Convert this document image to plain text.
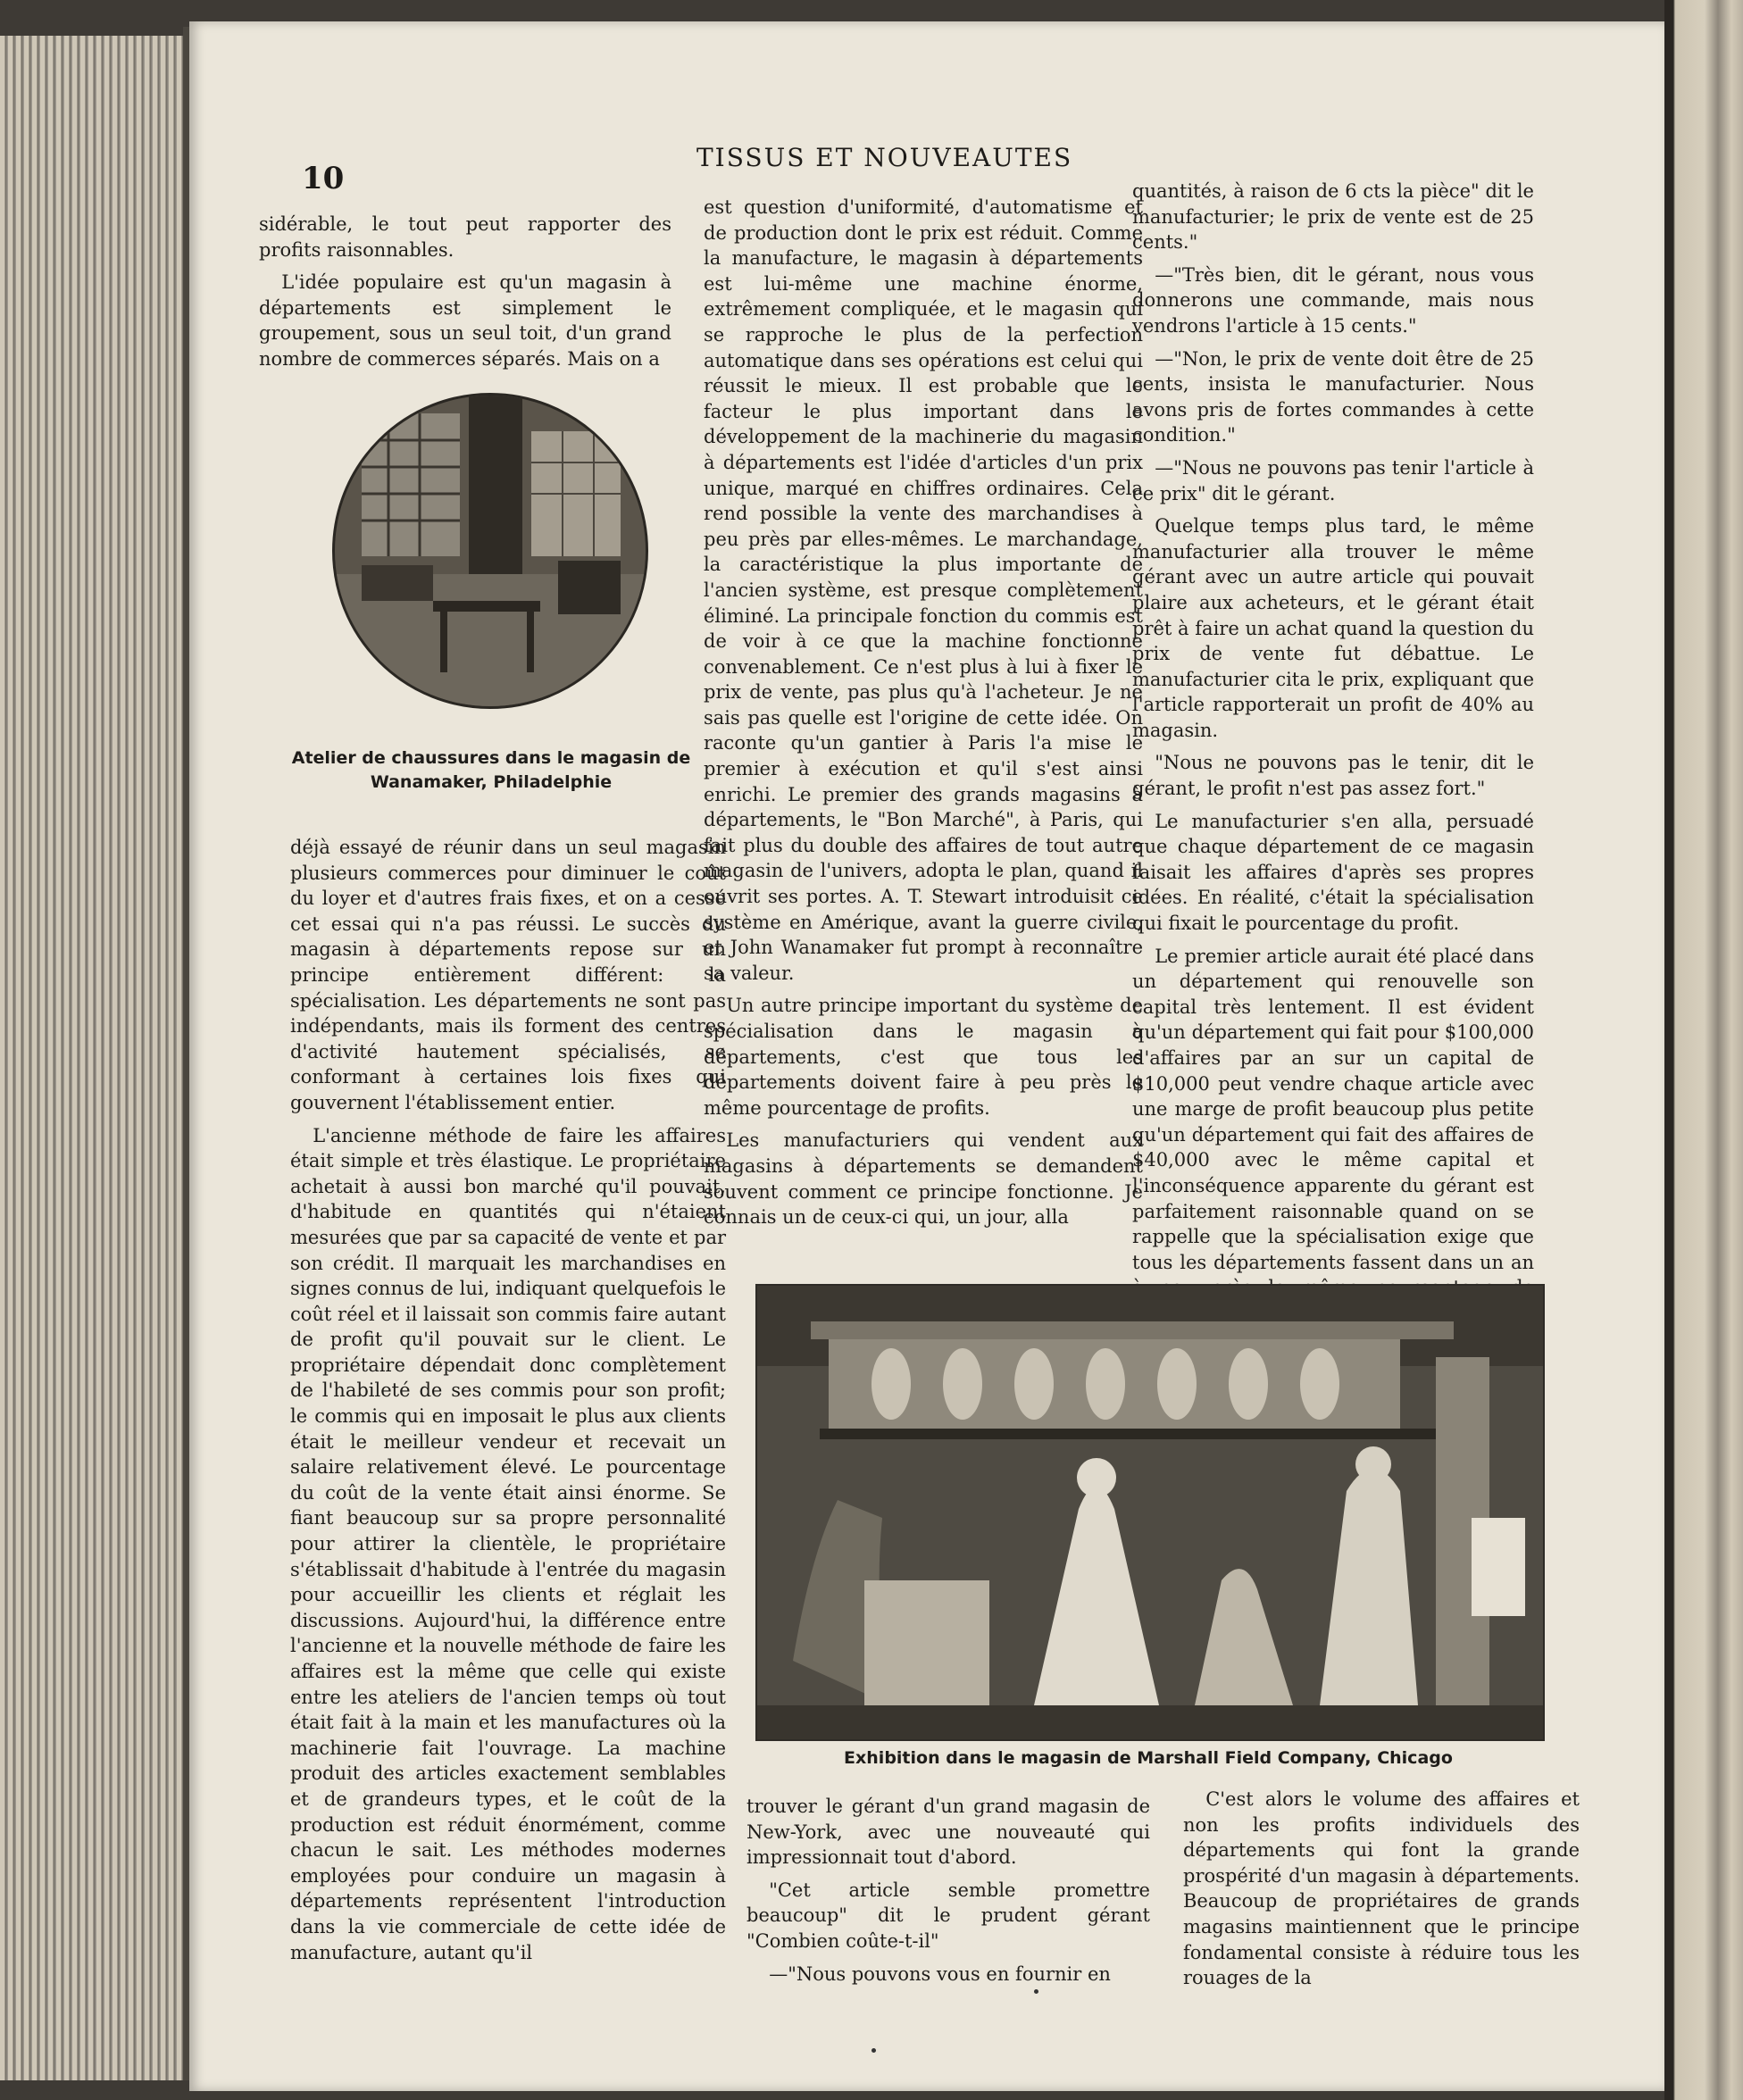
10
TISSUS ET NOUVEAUTES

sidérable, le tout peut rapporter des profits raisonnables.

L'idée populaire est qu'un magasin à départements est simplement le groupement, sous un seul toit, d'un grand nombre de commerces séparés. Mais on a

Atelier de chaussures dans le magasin de Wanamaker, Philadelphie

déjà essayé de réunir dans un seul magasin plusieurs commerces pour diminuer le coût du loyer et d'autres frais fixes, et on a cessé cet essai qui n'a pas réussi. Le succès du magasin à départements repose sur un principe entièrement différent: la spécialisation. Les départements ne sont pas indépendants, mais ils forment des centres d'activité hautement spécialisés, se conformant à certaines lois fixes qui gouvernent l'établissement entier.

L'ancienne méthode de faire les affaires était simple et très élastique. Le propriétaire achetait à aussi bon marché qu'il pouvait, d'habitude en quantités qui n'étaient mesurées que par sa capacité de vente et par son crédit. Il marquait les marchandises en signes connus de lui, indiquant quelquefois le coût réel et il laissait son commis faire autant de profit qu'il pouvait sur le client. Le propriétaire dépendait donc complètement de l'habileté de ses commis pour son profit; le commis qui en imposait le plus aux clients était le meilleur vendeur et recevait un salaire relativement élevé. Le pourcentage du coût de la vente était ainsi énorme. Se fiant beaucoup sur sa propre personnalité pour attirer la clientèle, le propriétaire s'établissait d'habitude à l'entrée du magasin pour accueillir les clients et réglait les discussions. Aujourd'hui, la différence entre l'ancienne et la nouvelle méthode de faire les affaires est la même que celle qui existe entre les ateliers de l'ancien temps où tout était fait à la main et les manufactures où la machinerie fait l'ouvrage. La machine produit des articles exactement semblables et de grandeurs types, et le coût de la production est réduit énormément, comme chacun le sait. Les méthodes modernes employées pour conduire un magasin à départements représentent l'introduction dans la vie commerciale de cette idée de manufacture, autant qu'il

est question d'uniformité, d'automatisme et de production dont le prix est réduit. Comme la manufacture, le magasin à départements est lui-même une machine énorme, extrêmement compliquée, et le magasin qui se rapproche le plus de la perfection automatique dans ses opérations est celui qui réussit le mieux. Il est probable que le facteur le plus important dans le développement de la machinerie du magasin à départements est l'idée d'articles d'un prix unique, marqué en chiffres ordinaires. Cela rend possible la vente des marchandises à peu près par elles-mêmes. Le marchandage, la caractéristique la plus importante de l'ancien système, est presque complètement éliminé. La principale fonction du commis est de voir à ce que la machine fonctionne convenablement. Ce n'est plus à lui à fixer le prix de vente, pas plus qu'à l'acheteur. Je ne sais pas quelle est l'origine de cette idée. On raconte qu'un gantier à Paris l'a mise le premier à exécution et qu'il s'est ainsi enrichi. Le premier des grands magasins à départements, le "Bon Marché", à Paris, qui fait plus du double des affaires de tout autre magasin de l'univers, adopta le plan, quand il ouvrit ses portes. A. T. Stewart introduisit ce système en Amérique, avant la guerre civile, et John Wanamaker fut prompt à reconnaître sa valeur.

Un autre principe important du système de spécialisation dans le magasin à départements, c'est que tous les départements doivent faire à peu près le même pourcentage de profits.

Les manufacturiers qui vendent aux magasins à départements se demandent souvent comment ce principe fonctionne. Je connais un de ceux-ci qui, un jour, alla

quantités, à raison de 6 cts la pièce" dit le manufacturier; le prix de vente est de 25 cents."

—"Très bien, dit le gérant, nous vous donnerons une commande, mais nous vendrons l'article à 15 cents."

—"Non, le prix de vente doit être de 25 cents, insista le manufacturier. Nous avons pris de fortes commandes à cette condition."

—"Nous ne pouvons pas tenir l'article à ce prix" dit le gérant.

Quelque temps plus tard, le même manufacturier alla trouver le même gérant avec un autre article qui pouvait plaire aux acheteurs, et le gérant était prêt à faire un achat quand la question du prix de vente fut débattue. Le manufacturier cita le prix, expliquant que l'article rapporterait un profit de 40% au magasin.

"Nous ne pouvons pas le tenir, dit le gérant, le profit n'est pas assez fort."

Le manufacturier s'en alla, persuadé que chaque département de ce magasin faisait les affaires d'après ses propres idées. En réalité, c'était la spécialisation qui fixait le pourcentage du profit.

Le premier article aurait été placé dans un département qui renouvelle son capital très lentement. Il est évident qu'un département qui fait pour $100,000 d'affaires par an sur un capital de $10,000 peut vendre chaque article avec une marge de profit beaucoup plus petite qu'un département qui fait des affaires de $40,000 avec le même capital et l'inconséquence apparente du gérant est parfaitement raisonnable quand on se rappelle que la spécialisation exige que tous les départements fassent dans un an

Exhibition dans le magasin de Marshall Field Company, Chicago

trouver le gérant d'un grand magasin de New-York, avec une nouveauté qui impressionnait tout d'abord.

"Cet article semble promettre beaucoup" dit le prudent gérant "Combien coûte-t-il"

—"Nous pouvons vous en fournir en

C'est alors le volume des affaires et non les profits individuels des départements qui font la grande prospérité d'un magasin à départements. Beaucoup de propriétaires de grands magasins maintiennent que le principe fondamental consiste à réduire tous les rouages de la
